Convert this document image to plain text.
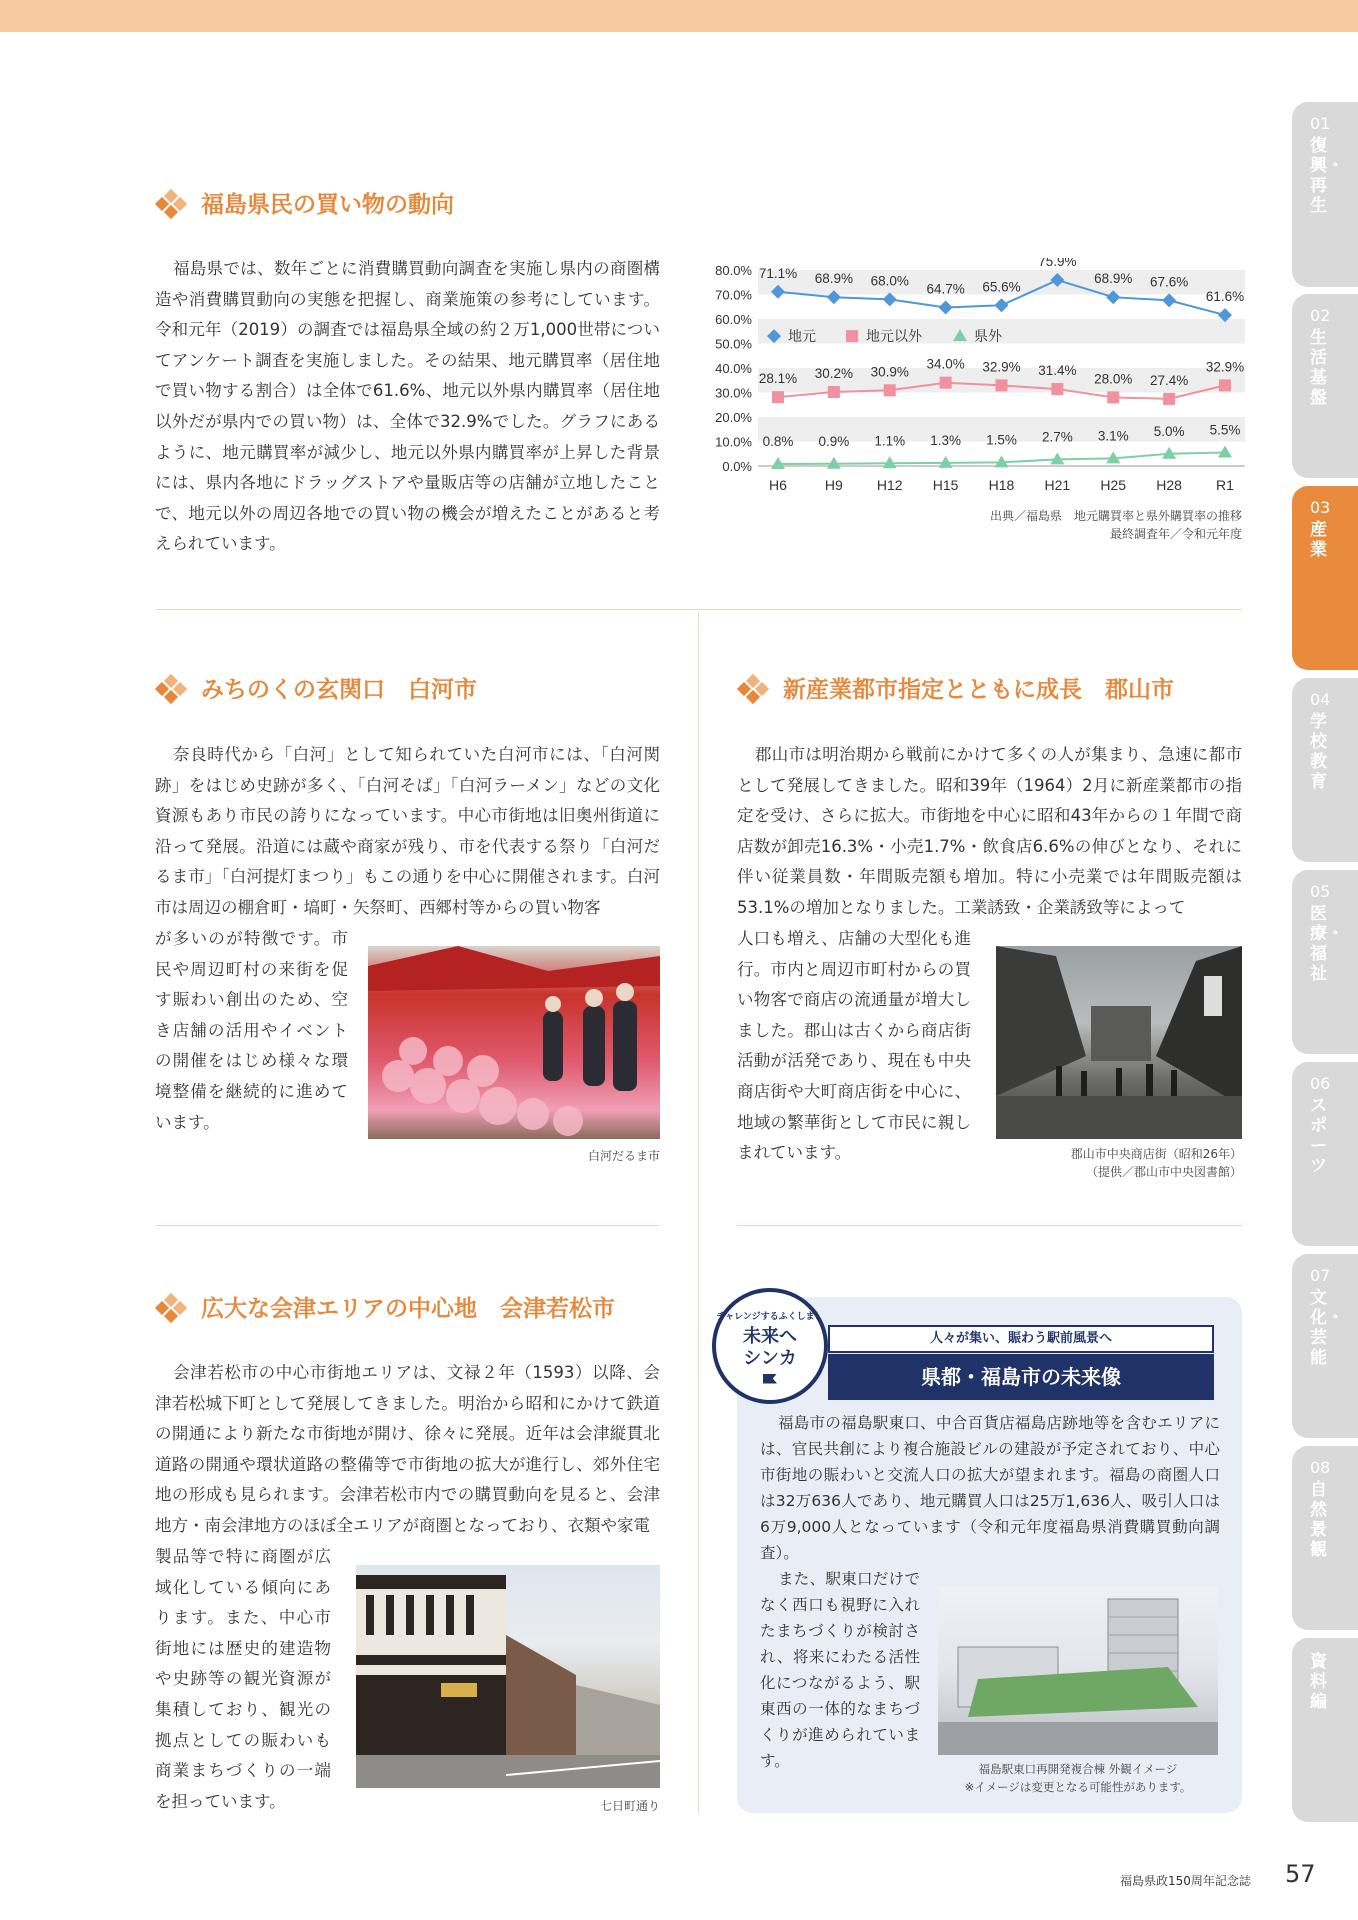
福島県民の買い物の動向
福島県では、数年ごとに消費購買動向調査を実施し県内の商圏構造や消費購買動向の実態を把握し、商業施策の参考にしています。令和元年（2019）の調査では福島県全域の約２万1,000世帯についてアンケート調査を実施しました。その結果、地元購買率（居住地で買い物する割合）は全体で61.6%、地元以外県内購買率（居住地以外だが県内での買い物）は、全体で32.9%でした。グラフにあるように、地元購買率が減少し、地元以外県内購買率が上昇した背景には、県内各地にドラッグストアや量販店等の店舗が立地したことで、地元以外の周辺各地での買い物の機会が増えたことがあると考えられています。
80.0%
70.0%
60.0%
50.0%
40.0%
30.0%
20.0%
10.0%
0.0%
H6	H9 H12 H15 H18 H21 H25 H28 R1
71.1% 68.9% 68.0%
64.7% 65.6%
75.9%
68.9% 67.6%
61.6%
28.1% 30.2% 30.9%
34.0% 32.9% 31.4%
28.0% 27.4%
32.9%
0.8% 0.9% 1.1% 1.3% 1.5% 2.7% 3.1% 5.0% 5.5%
地元	地元以外	県外
出典／福島県　地元購買率と県外購買率の推移
最終調査年／令和元年度
みちのくの玄関口　白河市
奈良時代から「白河」として知られていた白河市には、「白河関跡」をはじめ史跡が多く、「白河そば」「白河ラーメン」などの文化資源もあり市民の誇りになっています。中心市街地は旧奥州街道に沿って発展。沿道には蔵や商家が残り、市を代表する祭り「白河だるま市」「白河提灯まつり」もこの通りを中心に開催されます。白河市は周辺の棚倉町・塙町・矢祭町、西郷村等からの買い物客
が多いのが特徴です。市民や周辺町村の来街を促す賑わい創出のため、空き店舗の活用やイベントの開催をはじめ様々な環境整備を継続的に進めています。
白河だるま市
新産業都市指定とともに成長　郡山市
郡山市は明治期から戦前にかけて多くの人が集まり、急速に都市として発展してきました。昭和39年（1964）2月に新産業都市の指定を受け、さらに拡大。市街地を中心に昭和43年からの１年間で商店数が卸売16.3%・小売1.7%・飲食店6.6%の伸びとなり、それに伴い従業員数・年間販売額も増加。特に小売業では年間販売額は53.1%の増加となりました。工業誘致・企業誘致等によって
人口も増え、店舗の大型化も進行。市内と周辺市町村からの買い物客で商店の流通量が増大しました。郡山は古くから商店街活動が活発であり、現在も中央商店街や大町商店街を中心に、地域の繁華街として市民に親しまれています。	郡山市中央商店街（昭和26年）
（提供／郡山市中央図書館）
広大な会津エリアの中心地　会津若松市
会津若松市の中心市街地エリアは、文禄２年（1593）以降、会津若松城下町として発展してきました。明治から昭和にかけて鉄道の開通により新たな市街地が開け、徐々に発展。近年は会津縦貫北道路の開通や環状道路の整備等で市街地の拡大が進行し、郊外住宅地の形成も見られます。会津若松市内での購買動向を見ると、会津地方・南会津地方のほぼ全エリアが商圏となっており、衣類や家電
製品等で特に商圏が広域化している傾向にあります。また、中心市街地には歴史的建造物や史跡等の観光資源が集積しており、観光の拠点としての賑わいも商業まちづくりの一端を担っています。	七日町通り
チャレンジするふくしま！
未来へシンカ
人々が集い、賑わう駅前風景へ
県都・福島市の未来像
福島市の福島駅東口、中合百貨店福島店跡地等を含むエリアには、官民共創により複合施設ビルの建設が予定されており、中心市街地の賑わいと交流人口の拡大が望まれます。福島の商圏人口は32万636人であり、地元購買人口は25万1,636人、吸引人口は6万9,000人となっています（令和元年度福島県消費購買動向調査）。
また、駅東口だけでなく西口も視野に入れたまちづくりが検討され、将来にわたる活性化につながるよう、駅東西の一体的なまちづくりが進められています。	福島駅東口再開発複合棟 外観イメージ
※イメージは変更となる可能性があります。
01
復興・再生
02
生活基盤
03
産業
04
学校教育
05
医療・福祉
06
スポーツ
07
文化・芸能
08
自然景観
資料編
福島県政150周年記念誌 57
